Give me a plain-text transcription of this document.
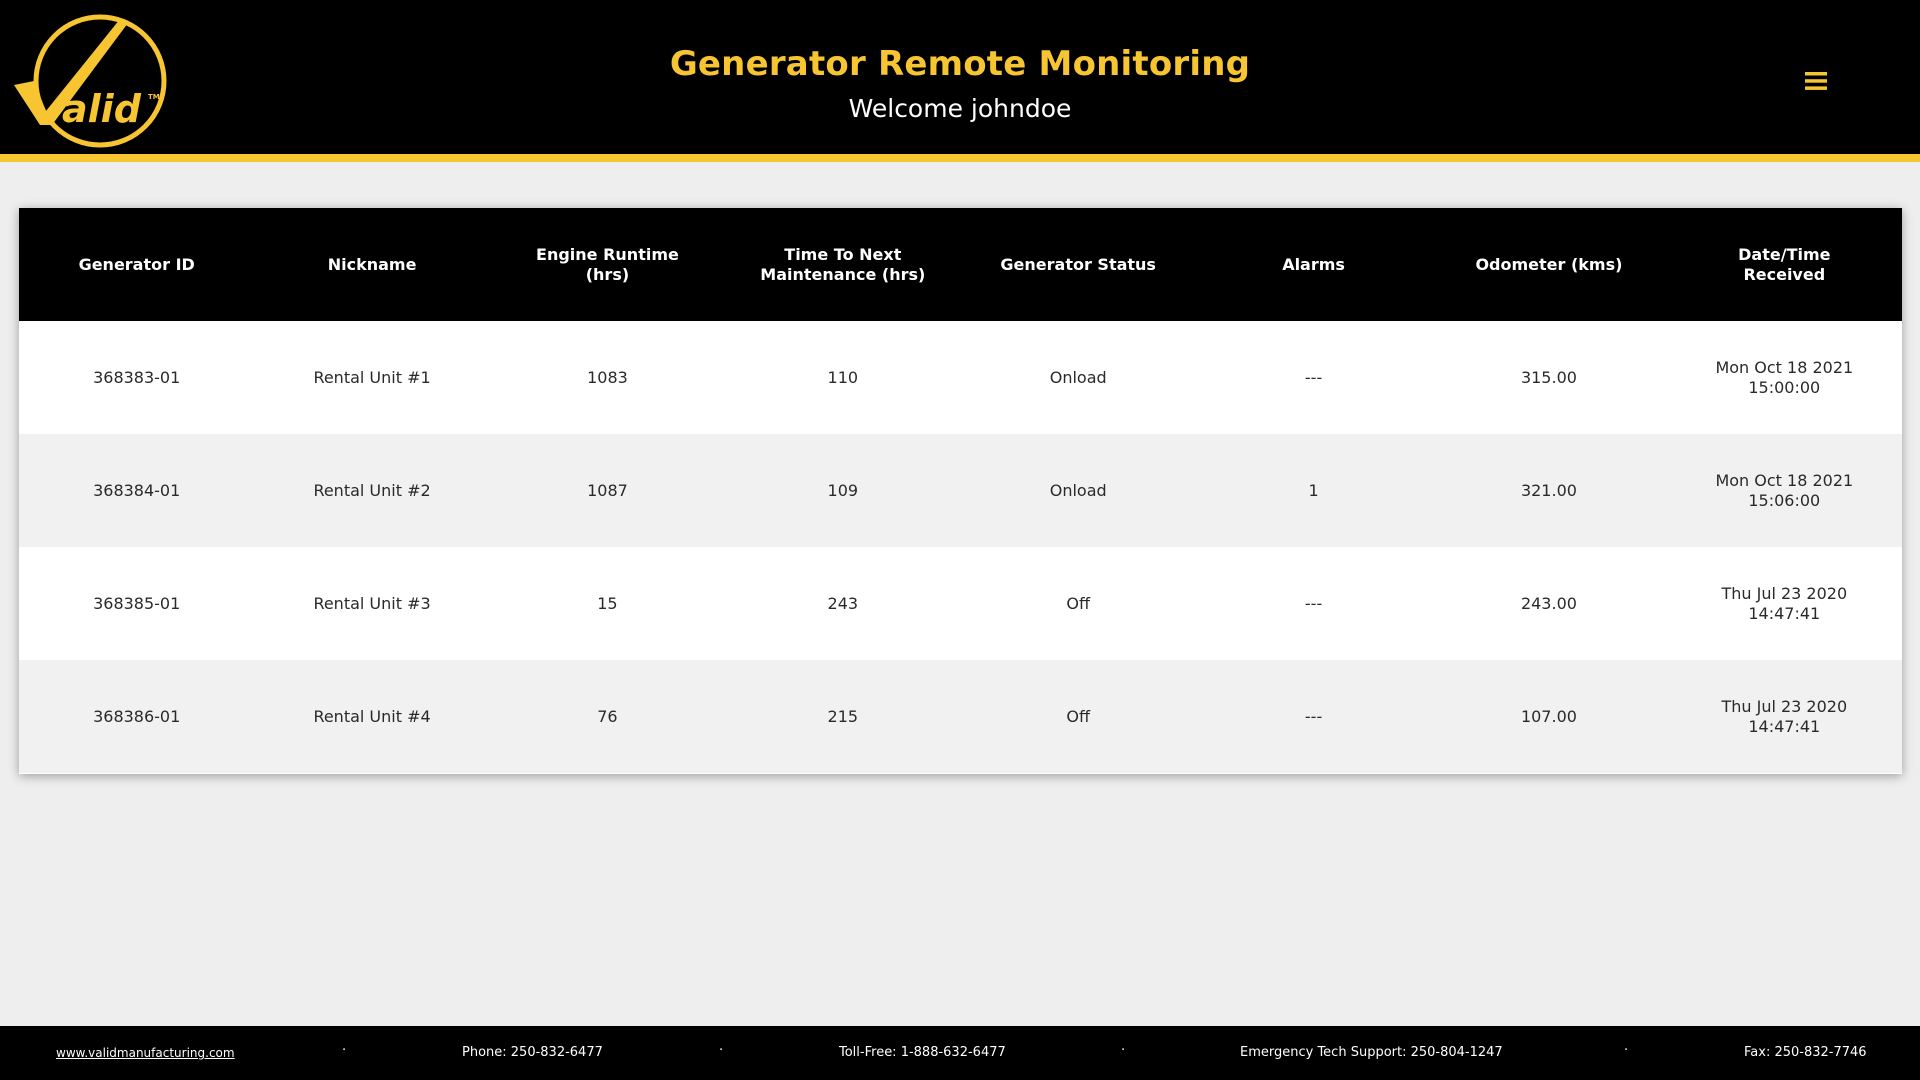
alid TM
Generator Remote Monitoring
Welcome johndoe
Generator ID	Nickname	Engine Runtime
(hrs)	Time To Next
Maintenance (hrs)	Generator Status	Alarms	Odometer (kms)	Date/Time
Received
368383-01	Rental Unit #1	1083	110	Onload	---	315.00	Mon Oct 18 2021
15:00:00

368384-01	Rental Unit #2	1087	109	Onload	1	321.00	Mon Oct 18 2021
15:06:00

368385-01	Rental Unit #3	15	243	Off	---	243.00	Thu Jul 23 2020
14:47:41

368386-01	Rental Unit #4	76	215	Off	---	107.00	Thu Jul 23 2020
14:47:41
www.validmanufacturing.com	·	Phone: 250-832-6477	·	Toll-Free: 1-888-632-6477	·	Emergency Tech Support: 250-804-1247	·	Fax: 250-832-7746
